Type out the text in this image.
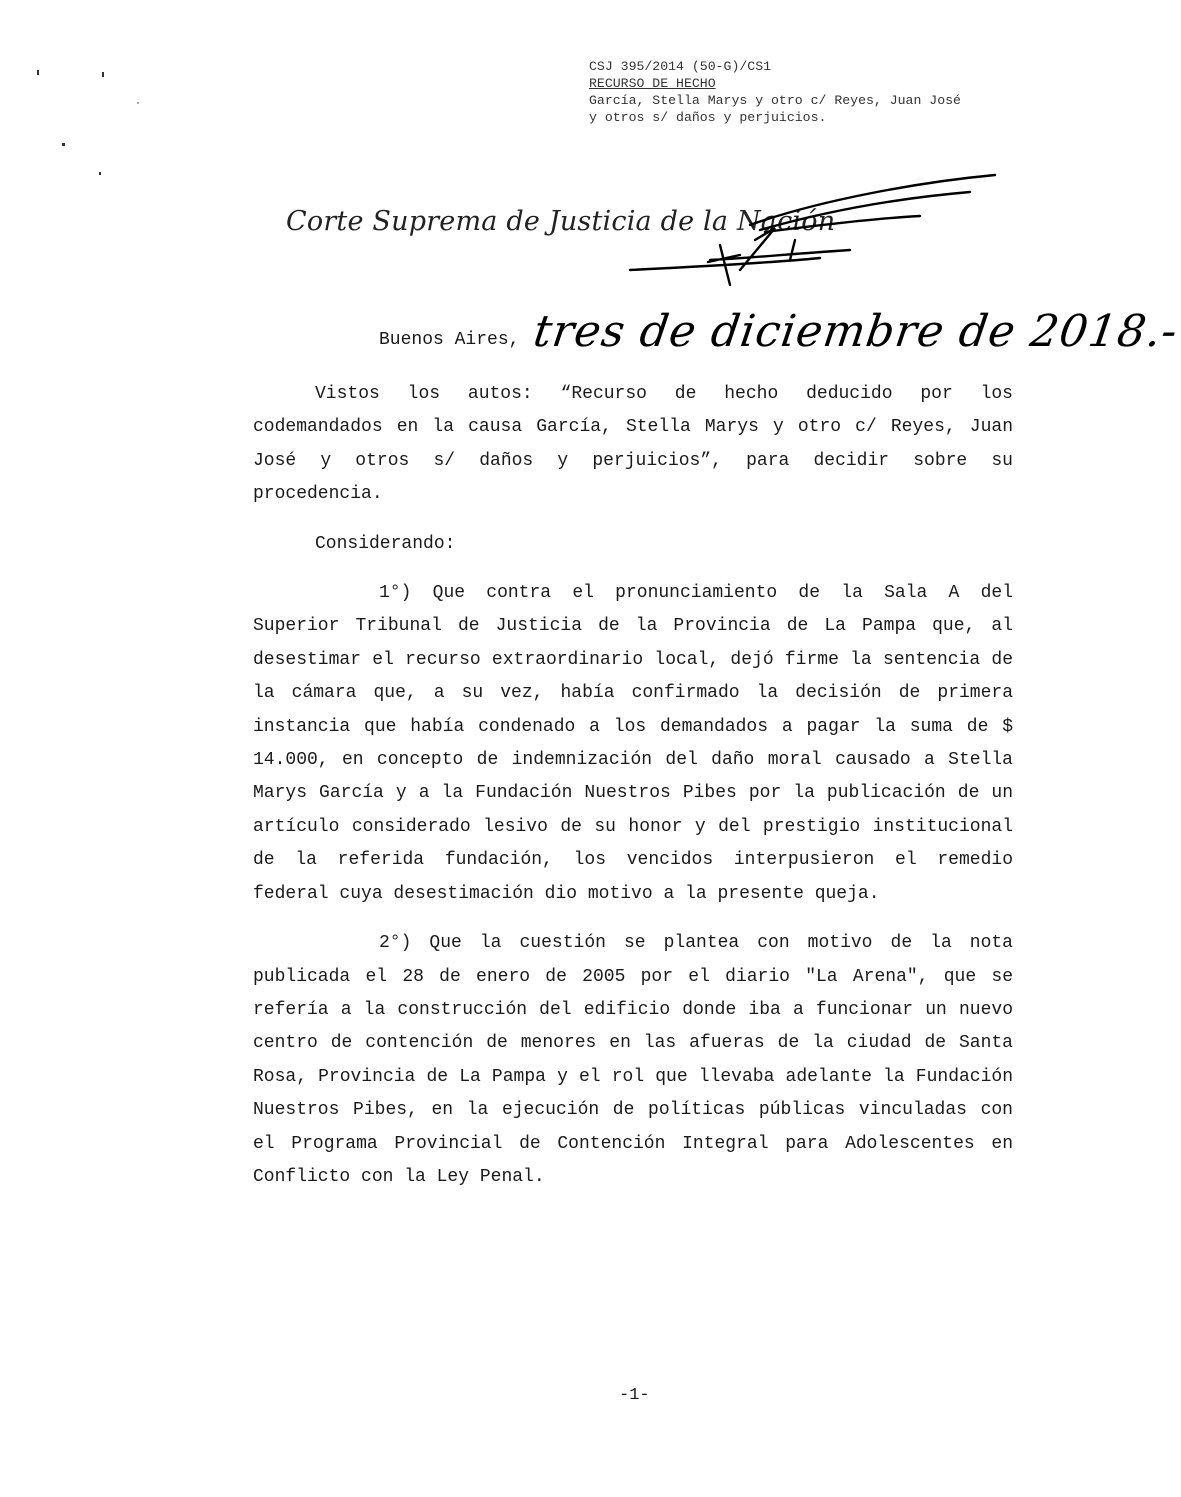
CSJ 395/2014 (50-G)/CS1
RECURSO DE HECHO
García, Stella Marys y otro c/ Reyes, Juan José
y otros s/ daños y perjuicios.
Corte Suprema de Justicia de la Nación
Buenos Aires, tres de diciembre de 2018.-

Vistos los autos: “Recurso de hecho deducido por los codemandados en la causa García, Stella Marys y otro c/ Reyes, Juan José y otros s/ daños y perjuicios”, para decidir sobre su procedencia.

Considerando:

1°) Que contra el pronunciamiento de la Sala A del Superior Tribunal de Justicia de la Provincia de La Pampa que, al desestimar el recurso extraordinario local, dejó firme la sentencia de la cámara que, a su vez, había confirmado la decisión de primera instancia que había condenado a los demandados a pagar la suma de $ 14.000, en concepto de indemnización del daño moral causado a Stella Marys García y a la Fundación Nuestros Pibes por la publicación de un artículo considerado lesivo de su honor y del prestigio institucional de la referida fundación, los vencidos interpusieron el remedio federal cuya desestimación dio motivo a la presente queja.

2°) Que la cuestión se plantea con motivo de la nota publicada el 28 de enero de 2005 por el diario "La Arena", que se refería a la construcción del edificio donde iba a funcionar un nuevo centro de contención de menores en las afueras de la ciudad de Santa Rosa, Provincia de La Pampa y el rol que llevaba adelante la Fundación Nuestros Pibes, en la ejecución de políticas públicas vinculadas con el Programa Provincial de Contención Integral para Adolescentes en Conflicto con la Ley Penal.

-1-
